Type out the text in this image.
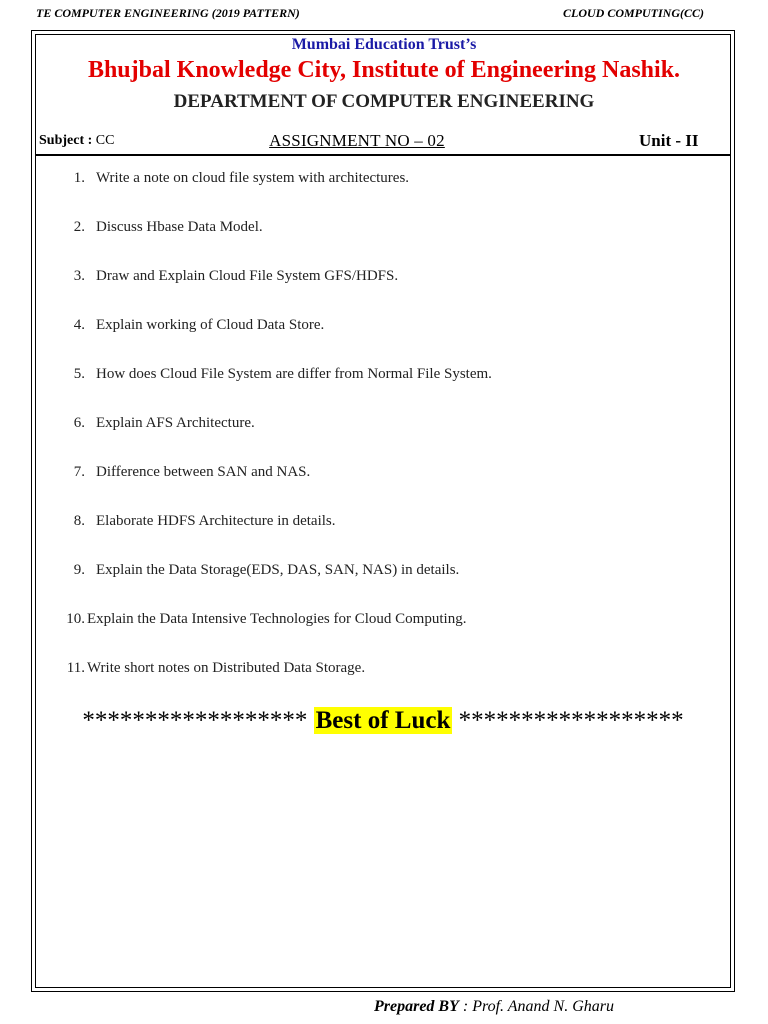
TE COMPUTER ENGINEERING (2019 PATTERN)	CLOUD COMPUTING(CC)
Mumbai Education Trust’s
Bhujbal Knowledge City, Institute of Engineering Nashik.
DEPARTMENT OF COMPUTER ENGINEERING
Subject : CC	ASSIGNMENT NO – 02	Unit - II
1. Write a note on cloud file system with architectures.
2. Discuss Hbase Data Model.
3. Draw and Explain Cloud File System GFS/HDFS.
4. Explain working of Cloud Data Store.
5. How does Cloud File System are differ from Normal File System.
6. Explain AFS Architecture.
7. Difference between SAN and NAS.
8. Elaborate HDFS Architecture in details.
9. Explain the Data Storage(EDS, DAS, SAN, NAS) in details.
10. Explain the Data Intensive Technologies for Cloud Computing.
11. Write short notes on Distributed Data Storage.
****************** Best of Luck ******************
Prepared BY : Prof. Anand N. Gharu
